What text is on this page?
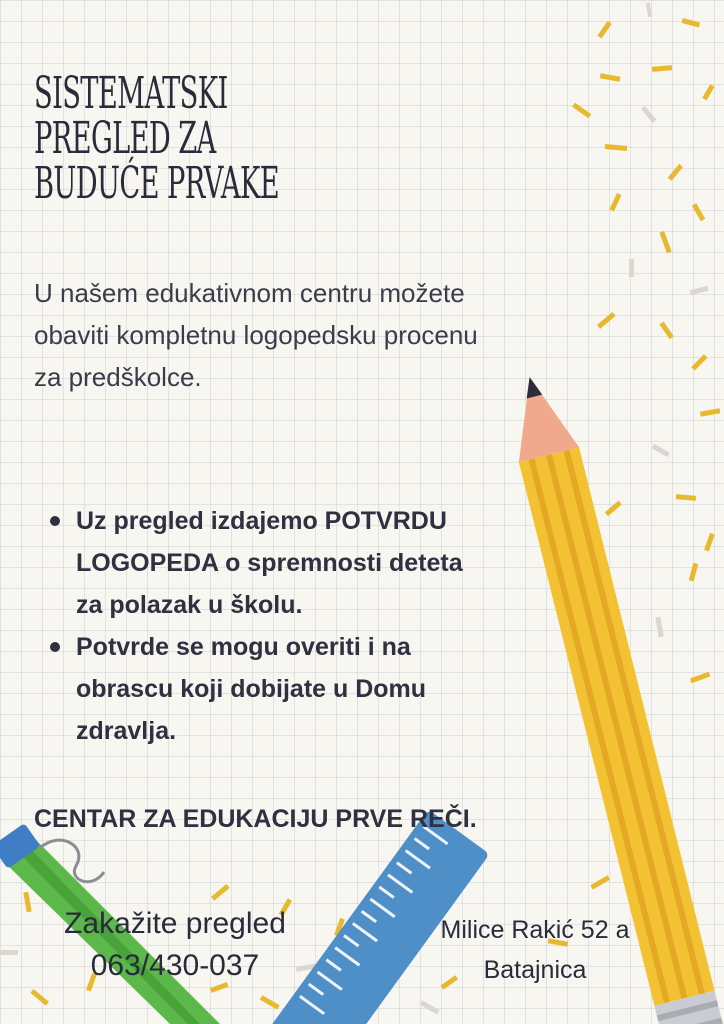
SISTEMATSKI PREGLED ZA
BUDUĆE PRVAKE

U našem edukativnom centru možete
obaviti kompletnu logopedsku procenu
za predškolce.

Uz pregled izdajemo POTVRDU
LOGOPEDA o spremnosti deteta
za polazak u školu.
Potvrde se mogu overiti i na
obrascu koji dobijate u Domu
zdravlja.

CENTAR ZA EDUKACIJU PRVE REČI.

Zakažite pregled
063/430-037
Milice Rakić 52 a
Batajnica
